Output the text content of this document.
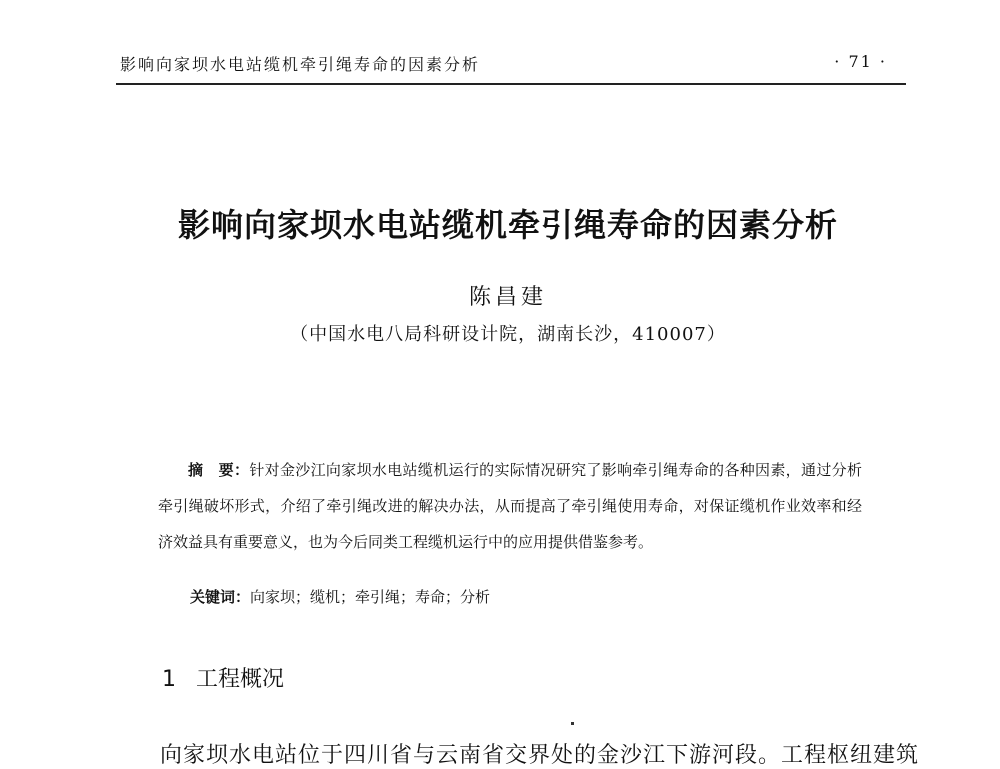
影响向家坝水电站缆机牵引绳寿命的因素分析	· 71 ·
影响向家坝水电站缆机牵引绳寿命的因素分析
陈昌建
（中国水电八局科研设计院，湖南长沙，410007）
摘　要：针对金沙江向家坝水电站缆机运行的实际情况研究了影响牵引绳寿命的各种因素，通过分析牵引绳破坏形式，介绍了牵引绳改进的解决办法，从而提高了牵引绳使用寿命，对保证缆机作业效率和经济效益具有重要意义，也为今后同类工程缆机运行中的应用提供借鉴参考。
关键词：向家坝；缆机；牵引绳；寿命；分析
1 工程概况
向家坝水电站位于四川省与云南省交界处的金沙江下游河段。工程枢纽建筑
